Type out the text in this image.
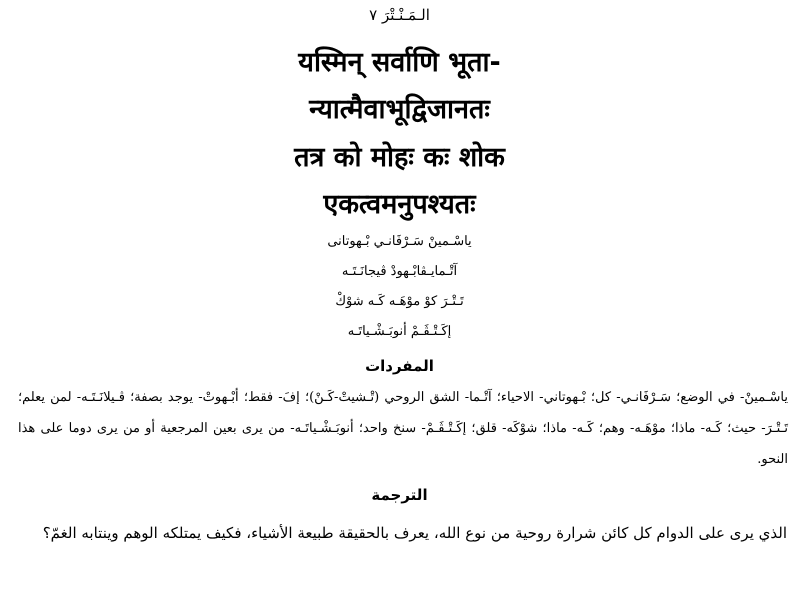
الـمَـنْـتْرَ ٧
यस्मिन् सर्वाणि भूता-
न्यात्मैवाभूद्विजानतः
तत्र को मोहः कः शोक
एकत्वमनुपश्यतः
ياسْـمينْ سَـرْفَانـي بْـهوتانى
آتْـمايـڤابْـهودْ ڤيجانَـتَـه
تَـتْـرَ كوْ موْهَـه كَـه شوْكْ
إكَـتْـڤَـمْ أنوبَـشْـياتَـه
المفردات
ياسْـمينْ- في الوضع؛ سَـرْفَانـي- كل؛ بْـهوتاني- الاحياء؛ آتْـما- الشق الروحي (تْـشيتْ-كَـنْ)؛ إفَ- فقط؛ أبْـهوتْ- يوجد بصفة؛ ڤـيلانَـتَـه- لمن يعلم؛ تَـتْـرَ- حيث؛ كَـه- ماذا؛ موْهَـه- وهم؛ كَـه- ماذا؛ شوْكَه- قلق؛ إكَـتْـڤَـمْ- سنخ واحد؛ أنوبَـشْـياتَـه- من يرى بعين المرجعية أو من يرى دوما على هذا النحو.
الترجمة
الذي يرى على الدوام كل كائن شرارة روحية من نوع الله، يعرف بالحقيقة طبيعة الأشياء، فكيف يمتلكه الوهم وينتابه الغمّ؟
